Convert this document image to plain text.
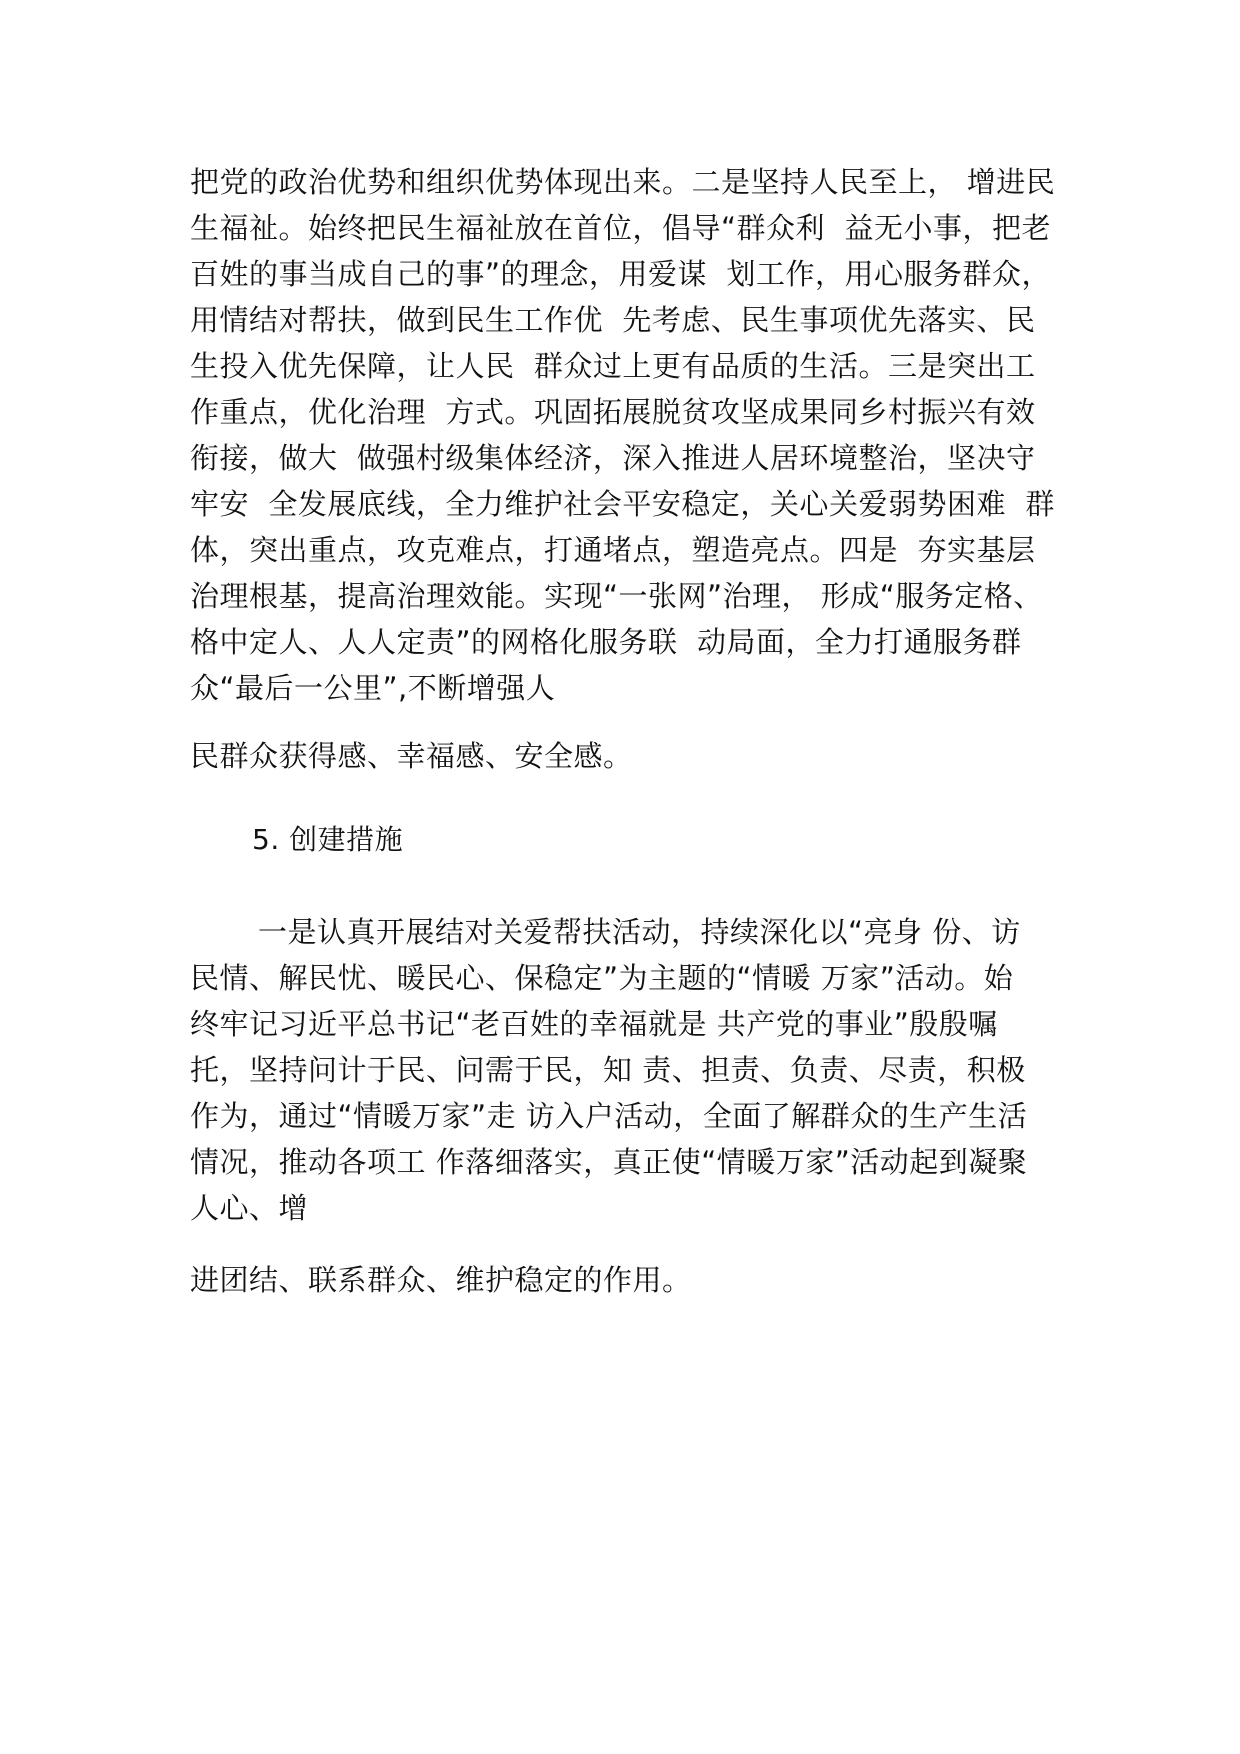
把党的政治优势和组织优势体现出来。二是坚持人民至上， 增进民

生福祉。始终把民生福祉放在首位，倡导“群众利  益无小事，把老

百姓的事当成自己的事”的理念，用爱谋  划工作，用心服务群众，

用情结对帮扶，做到民生工作优  先考虑、民生事项优先落实、民

生投入优先保障，让人民  群众过上更有品质的生活。三是突出工

作重点，优化治理  方式。巩固拓展脱贫攻坚成果同乡村振兴有效

衔接，做大  做强村级集体经济，深入推进人居环境整治，坚决守

牢安  全发展底线，全力维护社会平安稳定，关心关爱弱势困难  群

体，突出重点，攻克难点，打通堵点，塑造亮点。四是  夯实基层

治理根基，提高治理效能。实现“一张网”治理， 形成“服务定格、

格中定人、人人定责”的网格化服务联  动局面，全力打通服务群

众“最后一公里”,不断增强人

民群众获得感、幸福感、安全感。

5. 创建措施

一是认真开展结对关爱帮扶活动，持续深化以“亮身 份、访

民情、解民忧、暖民心、保稳定”为主题的“情暖 万家”活动。始

终牢记习近平总书记“老百姓的幸福就是 共产党的事业”殷殷嘱

托，坚持问计于民、问需于民，知 责、担责、负责、尽责，积极

作为，通过“情暖万家”走 访入户活动，全面了解群众的生产生活

情况，推动各项工 作落细落实，真正使“情暖万家”活动起到凝聚

人心、增

进团结、联系群众、维护稳定的作用。
